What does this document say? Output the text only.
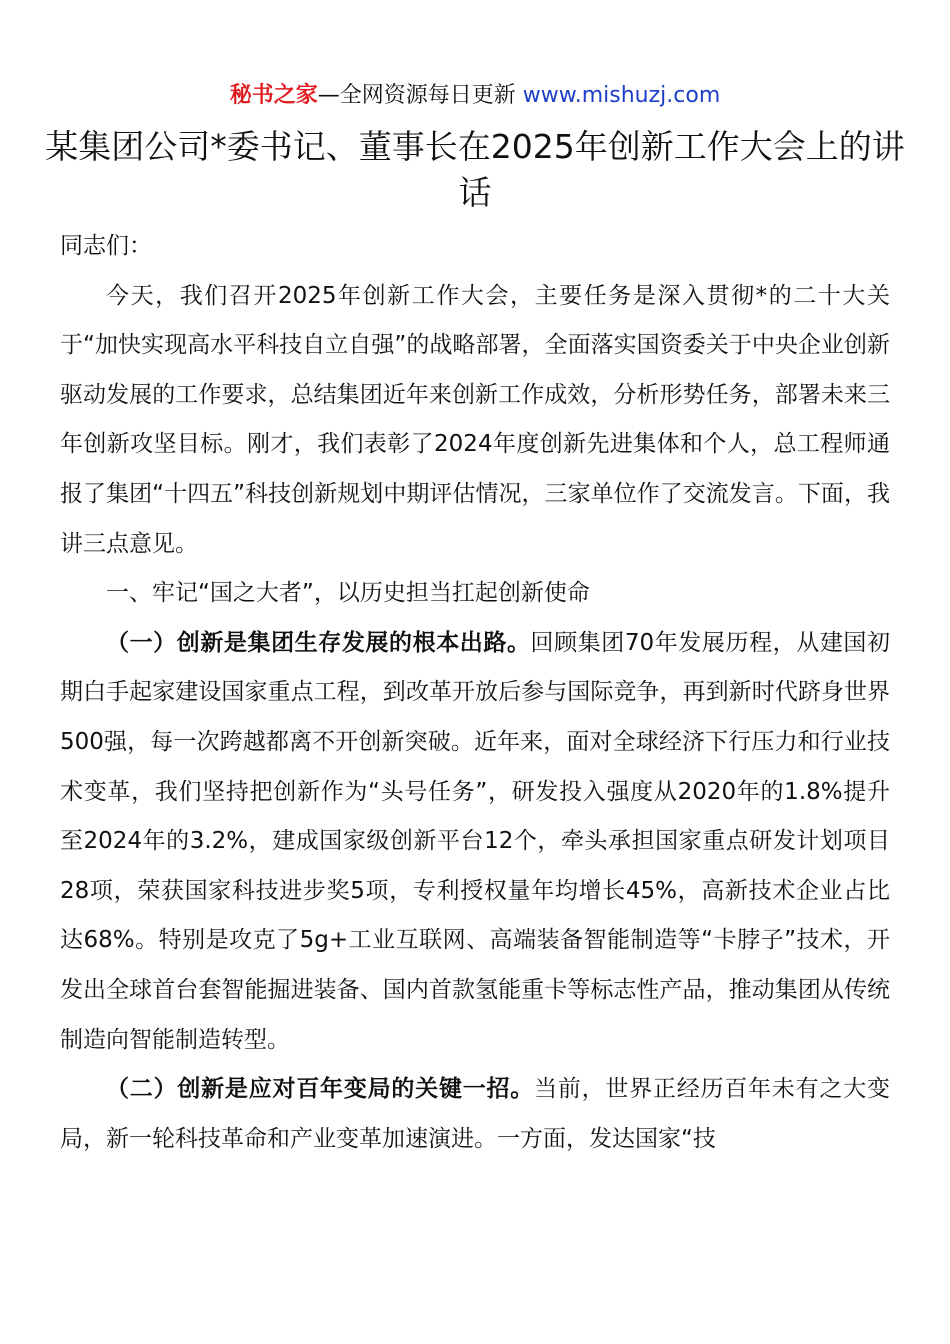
秘书之家—全网资源每日更新 www.mishuzj.com
某集团公司*委书记、董事长在2025年创新工作大会上的讲话

同志们：

今天，我们召开2025年创新工作大会，主要任务是深入贯彻*的二十大关于“加快实现高水平科技自立自强”的战略部署，全面落实国资委关于中央企业创新驱动发展的工作要求，总结集团近年来创新工作成效，分析形势任务，部署未来三年创新攻坚目标。刚才，我们表彰了2024年度创新先进集体和个人，总工程师通报了集团“十四五”科技创新规划中期评估情况，三家单位作了交流发言。下面，我讲三点意见。

一、牢记“国之大者”，以历史担当扛起创新使命

（一）创新是集团生存发展的根本出路。回顾集团70年发展历程，从建国初期白手起家建设国家重点工程，到改革开放后参与国际竞争，再到新时代跻身世界500强，每一次跨越都离不开创新突破。近年来，面对全球经济下行压力和行业技术变革，我们坚持把创新作为“头号任务”，研发投入强度从2020年的1.8%提升至2024年的3.2%，建成国家级创新平台12个，牵头承担国家重点研发计划项目28项，荣获国家科技进步奖5项，专利授权量年均增长45%，高新技术企业占比达68%。特别是攻克了5g+工业互联网、高端装备智能制造等“卡脖子”技术，开发出全球首台套智能掘进装备、国内首款氢能重卡等标志性产品，推动集团从传统制造向智能制造转型。

（二）创新是应对百年变局的关键一招。当前，世界正经历百年未有之大变局，新一轮科技革命和产业变革加速演进。一方面，发达国家“技
